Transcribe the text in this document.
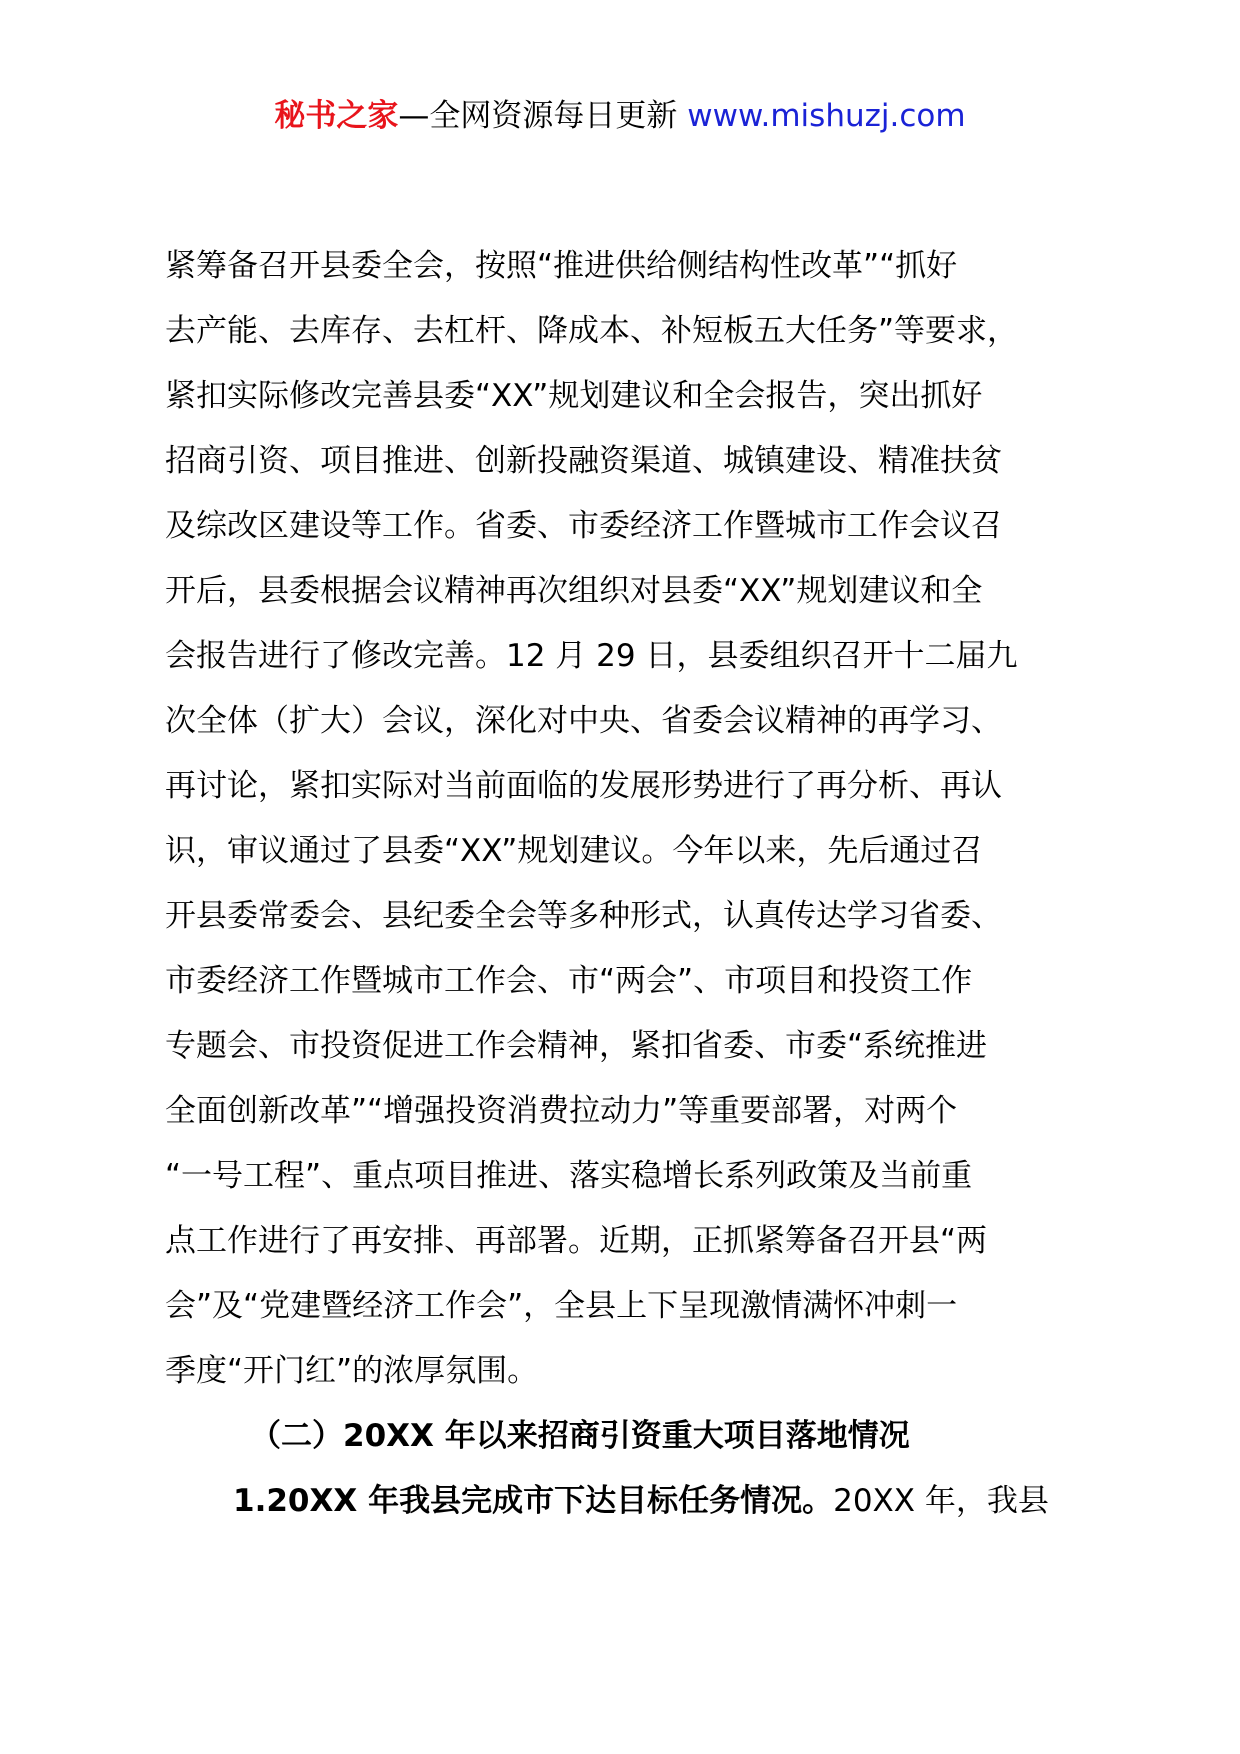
秘书之家—全网资源每日更新 www.mishuzj.com
紧筹备召开县委全会，按照“推进供给侧结构性改革”“抓好
去产能、去库存、去杠杆、降成本、补短板五大任务”等要求，
紧扣实际修改完善县委“XX”规划建议和全会报告，突出抓好
招商引资、项目推进、创新投融资渠道、城镇建设、精准扶贫
及综改区建设等工作。省委、市委经济工作暨城市工作会议召
开后，县委根据会议精神再次组织对县委“XX”规划建议和全
会报告进行了修改完善。12 月 29 日，县委组织召开十二届九
次全体（扩大）会议，深化对中央、省委会议精神的再学习、
再讨论，紧扣实际对当前面临的发展形势进行了再分析、再认
识，审议通过了县委“XX”规划建议。今年以来，先后通过召
开县委常委会、县纪委全会等多种形式，认真传达学习省委、
市委经济工作暨城市工作会、市“两会”、市项目和投资工作
专题会、市投资促进工作会精神，紧扣省委、市委“系统推进
全面创新改革”“增强投资消费拉动力”等重要部署，对两个
“一号工程”、重点项目推进、落实稳增长系列政策及当前重
点工作进行了再安排、再部署。近期，正抓紧筹备召开县“两
会”及“党建暨经济工作会”，全县上下呈现激情满怀冲刺一
季度“开门红”的浓厚氛围。
（二）20XX 年以来招商引资重大项目落地情况
1.20XX 年我县完成市下达目标任务情况。20XX 年，我县
